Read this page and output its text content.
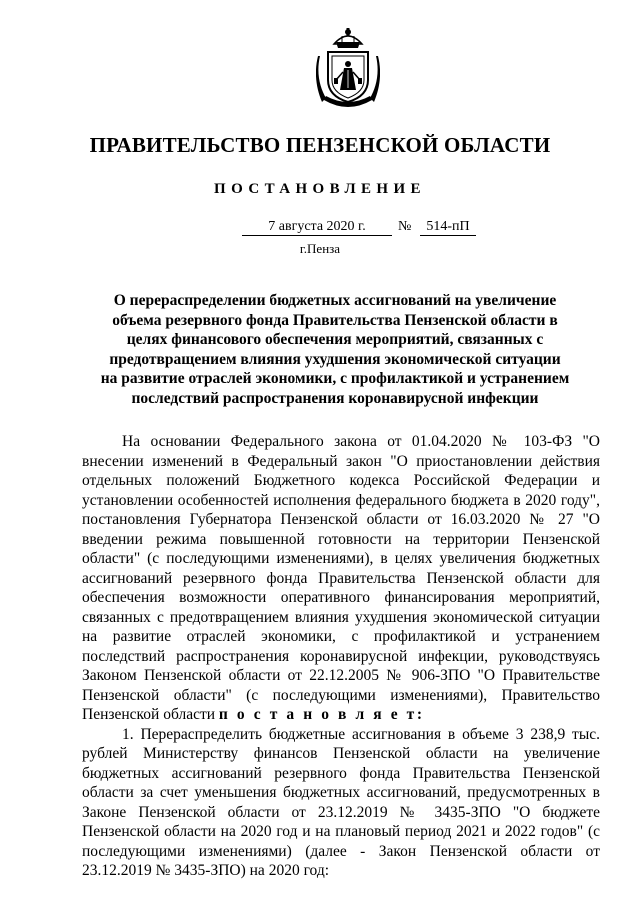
ПРАВИТЕЛЬСТВО ПЕНЗЕНСКОЙ ОБЛАСТИ
ПОСТАНОВЛЕНИЕ
7 августа 2020 г.	№	514-пП
г.Пенза
О перераспределении бюджетных ассигнований на увеличение объема резервного фонда Правительства Пензенской области в целях финансового обеспечения мероприятий, связанных с предотвращением влияния ухудшения экономической ситуации на развитие отраслей экономики, с профилактикой и устранением последствий распространения коронавирусной инфекции

На основании Федерального закона от 01.04.2020 № 103-ФЗ "О внесении изменений в Федеральный закон "О приостановлении действия отдельных положений Бюджетного кодекса Российской Федерации и установлении особенностей исполнения федерального бюджета в 2020 году", постановления Губернатора Пензенской области от 16.03.2020 № 27 "О введении режима повышенной готовности на территории Пензенской области" (с последующими изменениями), в целях увеличения бюджетных ассигнований резервного фонда Правительства Пензенской области для обеспечения возможности оперативного финансирования мероприятий, связанных с предотвращением влияния ухудшения экономической ситуации на развитие отраслей экономики, с профилактикой и устранением последствий распространения коронавирусной инфекции, руководствуясь Законом Пензенской области от 22.12.2005 № 906-ЗПО "О Правительстве Пензенской области" (с последующими изменениями), Правительство Пензенской области п о с т а н о в л я е т:

1. Перераспределить бюджетные ассигнования в объеме 3 238,9 тыс. рублей Министерству финансов Пензенской области на увеличение бюджетных ассигнований резервного фонда Правительства Пензенской области за счет уменьшения бюджетных ассигнований, предусмотренных в Законе Пензенской области от 23.12.2019 № 3435-ЗПО "О бюджете Пензенской области на 2020 год и на плановый период 2021 и 2022 годов" (с последующими изменениями) (далее - Закон Пензенской области от 23.12.2019 № 3435-ЗПО) на 2020 год:
